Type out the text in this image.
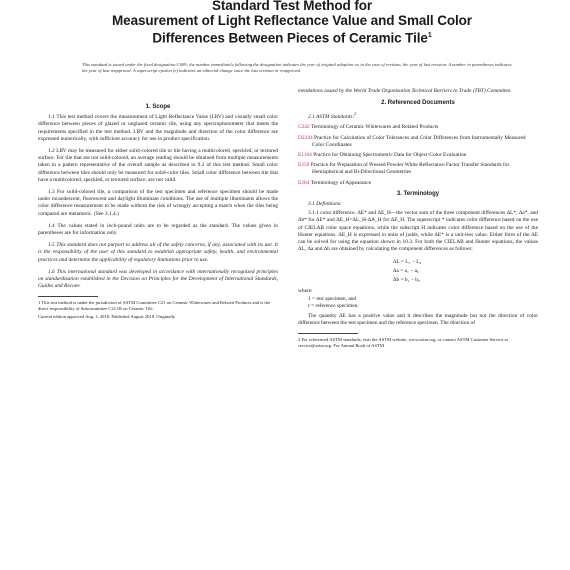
Standard Test Method for
Measurement of Light Reflectance Value and Small Color
Differences Between Pieces of Ceramic Tile$^1$
This standard is issued under the fixed designation C609; the number immediately following the designation indicates the year of original adoption or, in the case of revision, the year of last revision. A number in parentheses indicates the year of last reapproval. A superscript epsilon (ε) indicates an editorial change since the last revision or reapproval.
1. Scope

1.1 This test method covers the measurement of Light Reflectance Value (LRV) and visually small color difference between pieces of glazed or unglazed ceramic tile, using any spectrophotometer that meets the requirements specified in the test method. LRV and the magnitude and direction of the color difference are expressed numerically, with sufficient accuracy for use in product specification.

1.2 LRV may be measured for either solid-colored tile or tile having a multicolored, speckled, or textured surface. For tile that are not solid-colored, an average reading should be obtained from multiple measurements taken in a pattern representative of the overall sample as described in 9.2 of this test method. Small color difference between tiles should only be measured for solid-color tiles. Small color difference between tile that have a multicolored, speckled, or textured surface, are not valid.

1.3 For solid-colored tile, a comparison of the test specimen and reference specimen should be made under incandescent, fluorescent and daylight illuminant conditions. The use of multiple illuminants allows the color difference measurement to be made without the risk of wrongly accepting a match when the tiles being compared are metameric. (See 3.1.4.)

1.4 The values stated in inch-pound units are to be regarded as the standard. The values given in parentheses are for information only.

1.5 This standard does not purport to address all of the safety concerns, if any, associated with its use. It is the responsibility of the user of this standard to establish appropriate safety, health, and environmental practices and determine the applicability of regulatory limitations prior to use.

1.6 This international standard was developed in accordance with internationally recognized principles on standardization established in the Decision on Principles for the Development of International Standards, Guides and Recom-

1 This test method is under the jurisdiction of ASTM Committee C21 on Ceramic Whitewares and Related Products and is the direct responsibility of Subcommittee C21.06 on Ceramic Tile.

Current edition approved Aug. 1, 2018. Published August 2018. Originally

mendations issued by the World Trade Organization Technical Barriers to Trade (TBT) Committee.

2. Referenced Documents

2.1 ASTM Standards:$^2$

C242 Terminology of Ceramic Whitewares and Related Products
D2244 Practice for Calculation of Color Tolerances and Color Differences from Instrumentally Measured Color Coordinates
E1164 Practice for Obtaining Spectrometric Data for Object-Color Evaluation
E259 Practice for Preparation of Pressed Powder White Reflectance Factor Transfer Standards for Hemispherical and Bi-Directional Geometries
E284 Terminology of Appearance
3. Terminology

3.1 Definitions:

3.1.1 color difference, ΔE* and ΔE_H—the vector sum of the three component differences ΔL*, Δa*, and Δb* for ΔE* and ΔE_H=ΔL_H-ΔA_H for ΔE_H. The superscript * indicates color difference based on the use of CIELAB color space equations, while the subscript H indicates color difference based on the use of the Hunter equations. ΔE_H is expressed in units of judds, while ΔE* is a unit-less value. Either form of the ΔE can be solved for using the equation shown in 10.3. For both the CIELAB and Hunter equations, the values ΔL, Δa and Δb are obtained by calculating the component differences as follows:

ΔL = L₁ − L₀
Δa = a₁ − a₀
Δb = b₁ − b₀
where:
1 = test specimen, and
r = reference specimen.

The quantity ΔE has a positive value and it describes the magnitude but not the direction of color difference between the test specimen and the reference specimen. The direction of

2 For referenced ASTM standards, visit the ASTM website, www.astm.org, or contact ASTM Customer Service at service@astm.org. For Annual Book of ASTM
